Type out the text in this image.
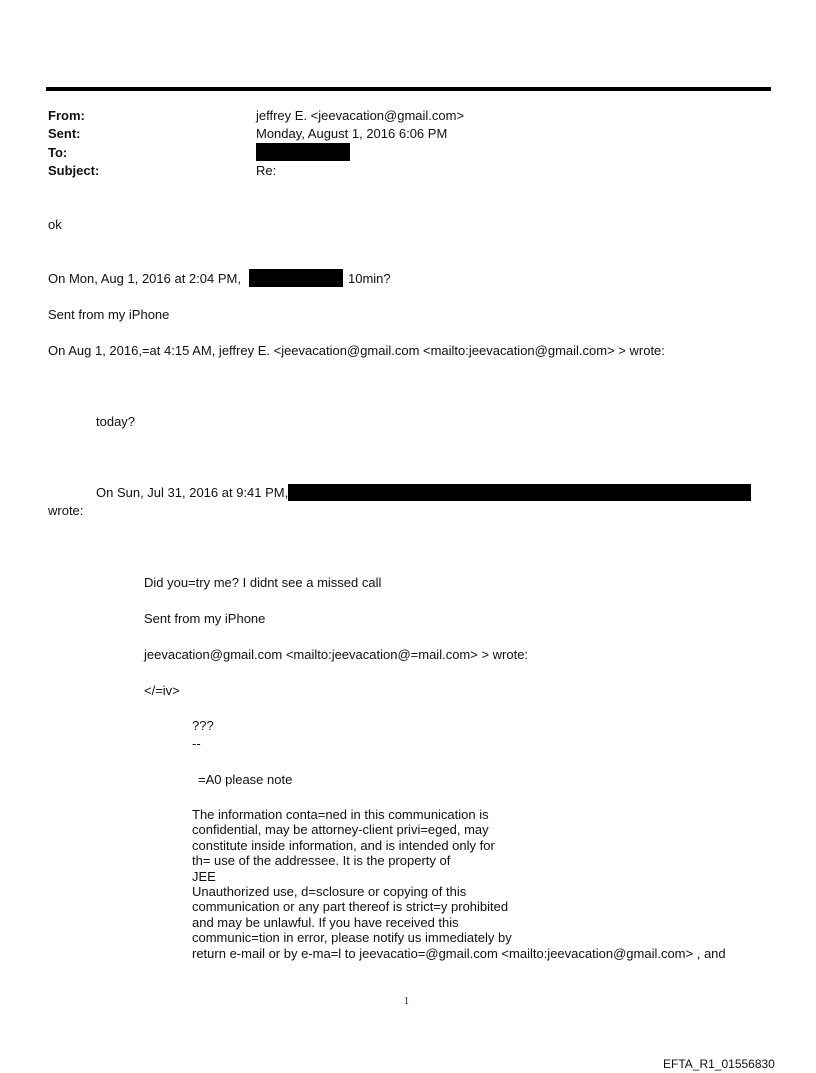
From:	jeffrey E. <jeevacation@gmail.com>
Sent:	Monday, August 1, 2016 6:06 PM
To:
Subject:	Re:
ok
On Mon, Aug 1, 2016 at 2:04 PM,	10min?
Sent from my iPhone
On Aug 1, 2016,=at 4:15 AM, jeffrey E. <jeevacation@gmail.com <mailto:jeevacation@gmail.com> > wrote:
today?
On Sun, Jul 31, 2016 at 9:41 PM,
wrote:
Did you=try me? I didnt see a missed call
Sent from my iPhone
jeevacation@gmail.com <mailto:jeevacation@=mail.com> > wrote:
</=iv>
???
--
=A0 please note
The information conta=ned in this communication is
confidential, may be attorney-client privi=eged, may
constitute inside information, and is intended only for
th= use of the addressee. It is the property of
JEE
Unauthorized use, d=sclosure or copying of this
communication or any part thereof is strict=y prohibited
and may be unlawful. If you have received this
communic=tion in error, please notify us immediately by
return e-mail or by e-ma=l to jeevacatio=@gmail.com <mailto:jeevacation@gmail.com> , and
1
EFTA_R1_01556830
